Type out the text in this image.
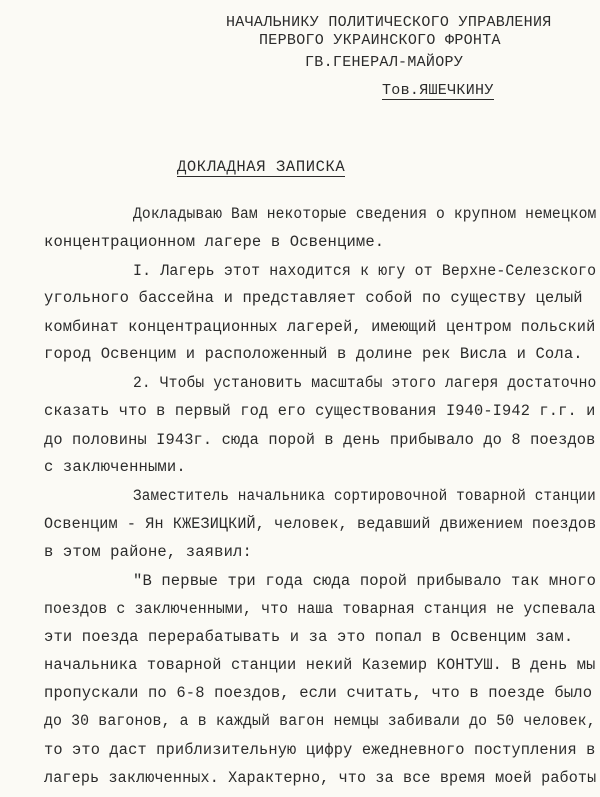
НАЧАЛЬНИКУ ПОЛИТИЧЕСКОГО УПРАВЛЕНИЯ
ПЕРВОГО УКРАИНСКОГО ФРОНТА
ГВ.ГЕНЕРАЛ-МАЙОРУ
Тов.ЯШЕЧКИНУ
ДОКЛАДНАЯ ЗАПИСКА
Докладываю Вам некоторые сведения о крупном немецком
концентрационном лагере в Освенциме.
I. Лагерь этот находится к югу от Верхне-Селезского
угольного бассейна и представляет собой по существу целый
комбинат концентрационных лагерей, имеющий центром польский
город Освенцим и расположенный в долине рек Висла и Сола.
2. Чтобы установить масштабы этого лагеря достаточно
сказать что в первый год его существования I940-I942 г.г. и
до половины I943г. сюда порой в день прибывало до 8 поездов
с заключенными.
Заместитель начальника сортировочной товарной станции
Освенцим - Ян КЖЕЗИЦКИЙ, человек, ведавший движением поездов
в этом районе, заявил:
"В первые три года сюда порой прибывало так много
поездов с заключенными, что наша товарная станция не успевала
эти поезда перерабатывать и за это попал в Освенцим зам.
начальника товарной станции некий Каземир КОНТУШ. В день мы
пропускали по 6-8 поездов, если считать, что в поезде было
до 30 вагонов, а в каждый вагон немцы забивали до 50 человек,
то это даст приблизительную цифру ежедневного поступления в
лагерь заключенных. Характерно, что за все время моей работы
